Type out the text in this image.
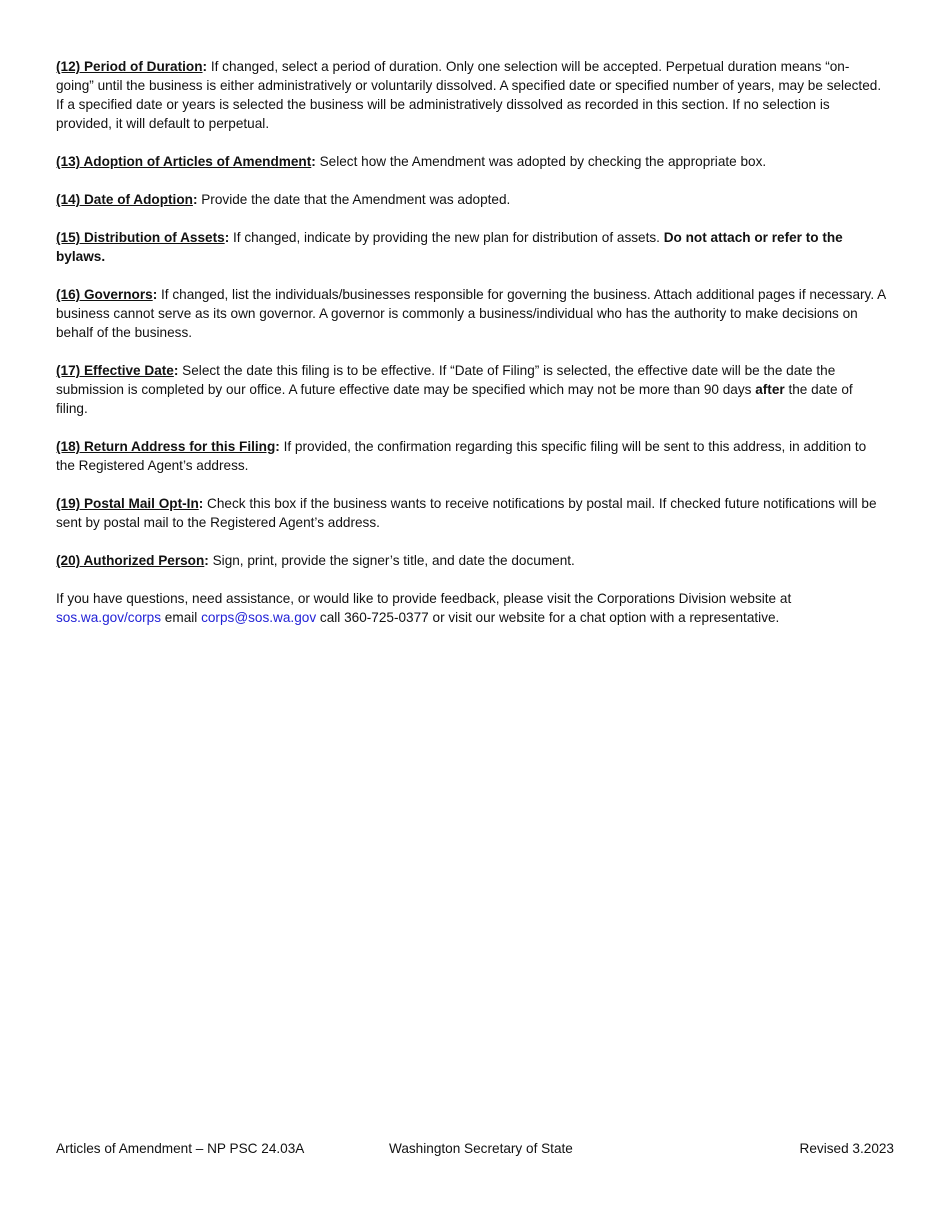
(12) Period of Duration: If changed, select a period of duration. Only one selection will be accepted. Perpetual duration means “on-going” until the business is either administratively or voluntarily dissolved. A specified date or specified number of years, may be selected. If a specified date or years is selected the business will be administratively dissolved as recorded in this section. If no selection is provided, it will default to perpetual.

(13) Adoption of Articles of Amendment: Select how the Amendment was adopted by checking the appropriate box.

(14) Date of Adoption: Provide the date that the Amendment was adopted.

(15) Distribution of Assets: If changed, indicate by providing the new plan for distribution of assets. Do not attach or refer to the bylaws.

(16) Governors: If changed, list the individuals/businesses responsible for governing the business. Attach additional pages if necessary. A business cannot serve as its own governor. A governor is commonly a business/individual who has the authority to make decisions on behalf of the business.

(17) Effective Date: Select the date this filing is to be effective. If “Date of Filing” is selected, the effective date will be the date the submission is completed by our office. A future effective date may be specified which may not be more than 90 days after the date of filing.

(18) Return Address for this Filing: If provided, the confirmation regarding this specific filing will be sent to this address, in addition to the Registered Agent’s address.

(19) Postal Mail Opt-In: Check this box if the business wants to receive notifications by postal mail. If checked future notifications will be sent by postal mail to the Registered Agent’s address.

(20) Authorized Person: Sign, print, provide the signer’s title, and date the document.

If you have questions, need assistance, or would like to provide feedback, please visit the Corporations Division website at sos.wa.gov/corps email corps@sos.wa.gov call 360-725-0377 or visit our website for a chat option with a representative.

Articles of Amendment – NP PSC 24.03A	Washington Secretary of State	Revised 3.2023
